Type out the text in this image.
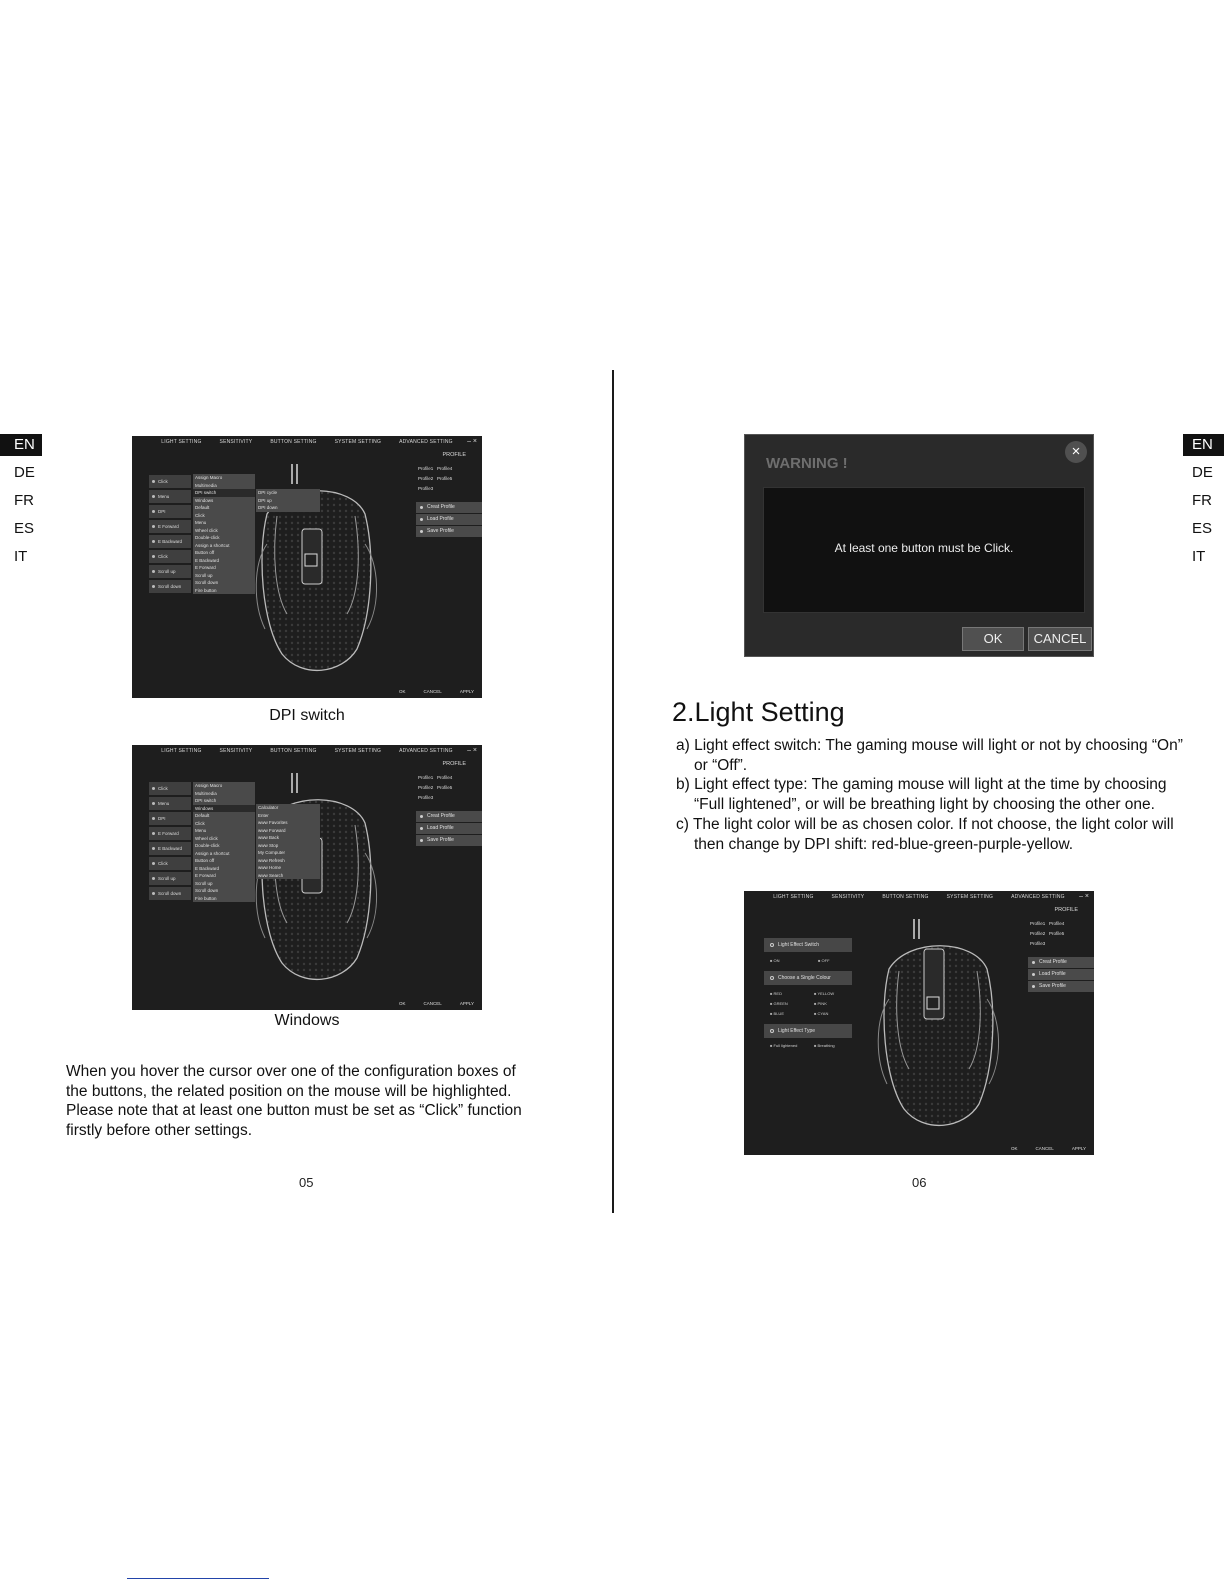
EN
DE
FR
ES
IT
EN
DE
FR
ES
IT
LIGHT SETTING	SENSITIVITY	BUTTON SETTING	SYSTEM SETTING	ADVANCED SETTING	– ×
PROFILE
Profile1 Profile4
Profile2 Profile5
Profile3
Creat Profile
Load Profile
Save Profile
Click
Menu
DPI
E Forward
E Backward
Click
Scroll up
Scroll down
Assign Macro
Multimedia
DPI switch
Windows
Default
Click
Menu
Wheel click
Double-click
Assign a shortcut
Button off
E Backward
E Forward
Scroll up
Scroll down
Fire button
DPI cycle
DPI up
DPI down
OK	CANCEL	APPLY
DPI switch
LIGHT SETTING	SENSITIVITY	BUTTON SETTING	SYSTEM SETTING	ADVANCED SETTING	– ×
PROFILE
Profile1 Profile4
Profile2 Profile5
Profile3
Creat Profile
Load Profile
Save Profile
Click
Menu
DPI
E Forward
E Backward
Click
Scroll up
Scroll down
Assign Macro
Multimedia
DPI switch
Windows
Default
Click
Menu
Wheel click
Double-click
Assign a shortcut
Button off
E Backward
E Forward
Scroll up
Scroll down
Fire button
Calculator
Enter
www Favorites
www Forward
www Back
www Stop
My Computer
www Refresh
www Home
www Search
OK	CANCEL	APPLY
Windows
When you hover the cursor over one of the configuration boxes of the buttons, the related position on the mouse will be highlighted. Please note that at least one button must be set as “Click” function firstly before other settings.
05	06
WARNING !
×
At least one button must be Click.
OK	CANCEL
2.Light Setting
a) Light effect switch: The gaming mouse will light or not by choosing “On” or “Off”.
b) Light effect type: The gaming mouse will light at the time by choosing “Full lightened”, or will be breathing light by choosing the other one.
c) The light color will be as chosen color. If not choose, the light color will then change by DPI shift: red-blue-green-purple-yellow.
LIGHT SETTING	SENSITIVITY	BUTTON SETTING	SYSTEM SETTING	ADVANCED SETTING	– ×
PROFILE
Profile1 Profile4
Profile2 Profile5
Profile3
Creat Profile
Load Profile
Save Profile
Light Effect Switch
■ ON	■ OFF
Choose a Single Colour
■ RED	■ YELLOW
■ GREEN	■ PINK
■ BLUE	■ CYAN
Light Effect Type
■ Full lightened	■ Breathing
OK	CANCEL	APPLY
